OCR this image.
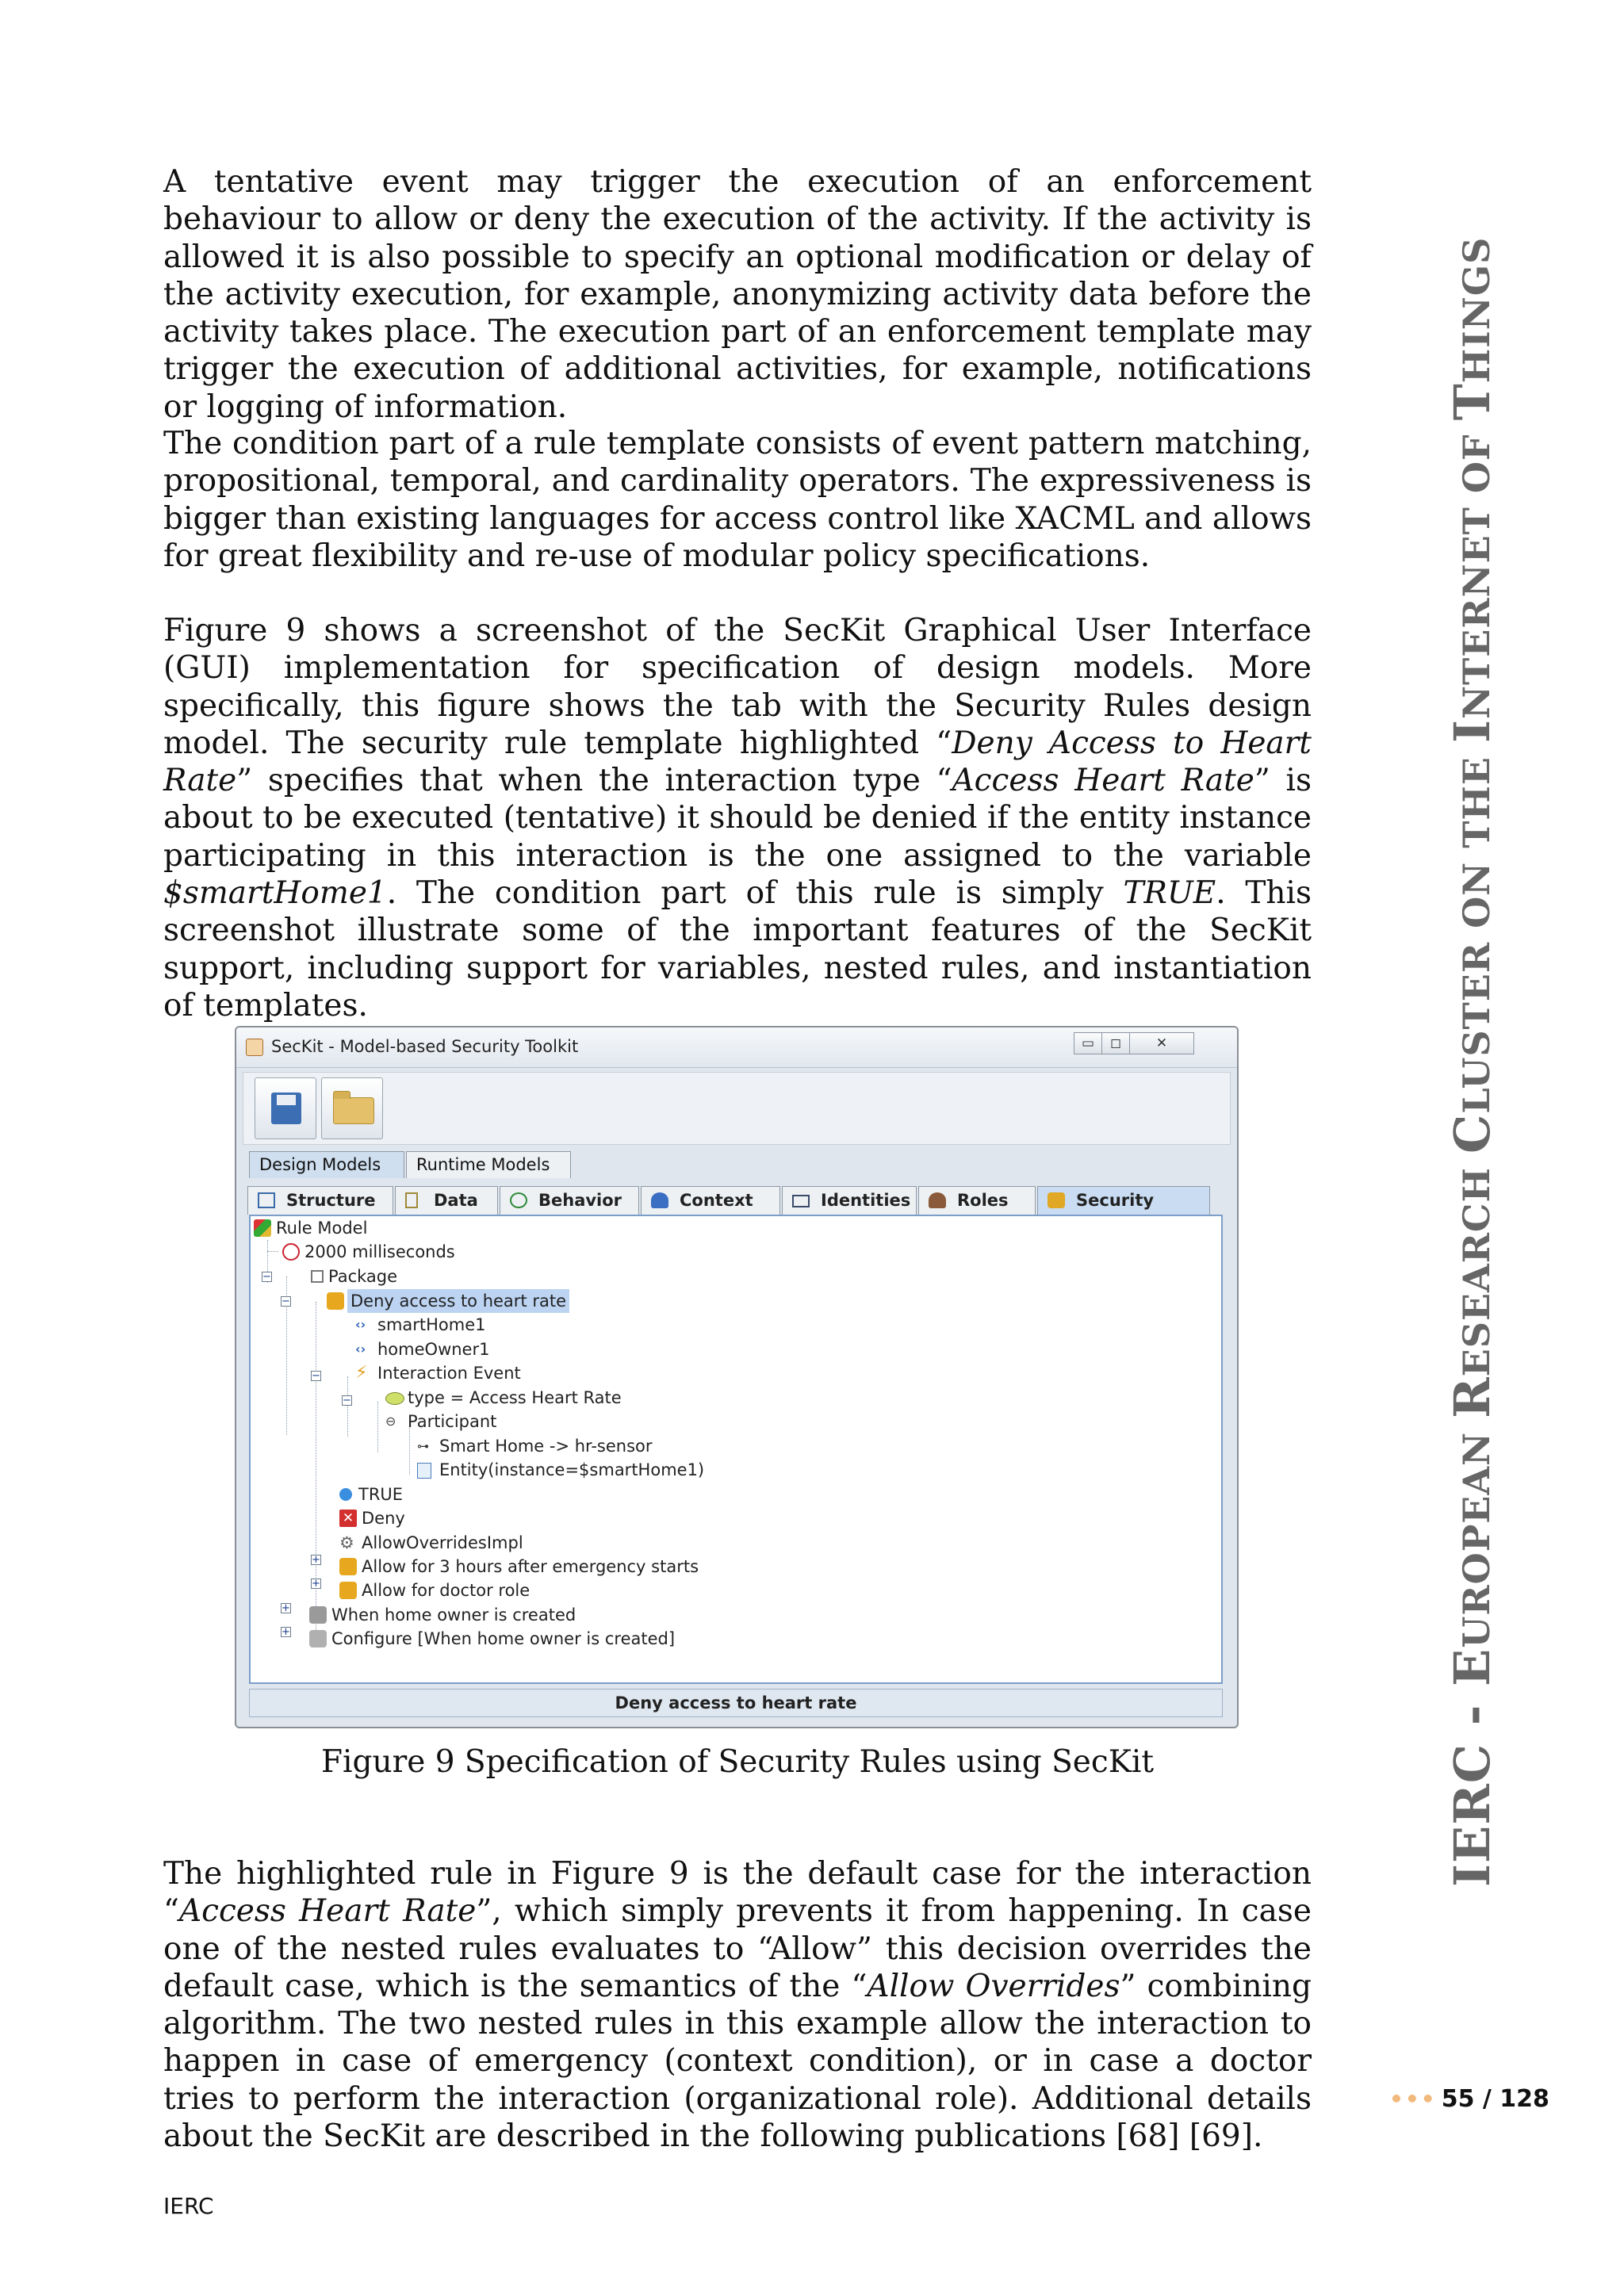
A tentative event may trigger the execution of an enforcement behaviour to allow or deny the execution of the activity. If the activity is allowed it is also possible to specify an optional modification or delay of the activity execution, for example, anonymizing activity data before the activity takes place. The execution part of an enforcement template may trigger the execution of additional activities, for example, notifications or logging of information.

The condition part of a rule template consists of event pattern matching, propositional, temporal, and cardinality operators. The expressiveness is bigger than existing languages for access control like XACML and allows for great flexibility and re-use of modular policy specifications.

Figure 9 shows a screenshot of the SecKit Graphical User Interface (GUI) implementation for specification of design models. More specifically, this figure shows the tab with the Security Rules design model. The security rule template highlighted “Deny Access to Heart Rate” specifies that when the interaction type “Access Heart Rate” is about to be executed (tentative) it should be denied if the entity instance participating in this interaction is the one assigned to the variable $smartHome1. The condition part of this rule is simply TRUE. This screenshot illustrate some of the important features of the SecKit support, including support for variables, nested rules, and instantiation of templates.

SecKit - Model-based Security Toolkit	▭	◻	✕
Design Models	Runtime Models
Structure	Data	Behavior	Context	Identities	Roles	Security
−
−
−
−
+
+
+
+
Rule Model
2000 milliseconds
Package
Deny access to heart rate
‹› smartHome1
‹› homeOwner1
⚡ Interaction Event
type = Access Heart Rate
⊖ Participant
⊶ Smart Home -> hr-sensor
Entity(instance=$smartHome1)
TRUE
✕ Deny
⚙ AllowOverridesImpl
Allow for 3 hours after emergency starts
Allow for doctor role
When home owner is created
Configure [When home owner is created]
Deny access to heart rate
Figure 9 Specification of Security Rules using SecKit

The highlighted rule in Figure 9 is the default case for the interaction “Access Heart Rate”, which simply prevents it from happening. In case one of the nested rules evaluates to “Allow” this decision overrides the default case, which is the semantics of the “Allow Overrides” combining algorithm. The two nested rules in this example allow the interaction to happen in case of emergency (context condition), or in case a doctor tries to perform the interaction (organizational role). Additional details about the SecKit are described in the following publications [68] [69].

IERC
IERC - EUROPEAN RESEARCH CLUSTER ON THE INTERNET OF THINGS
••• 55 / 128
